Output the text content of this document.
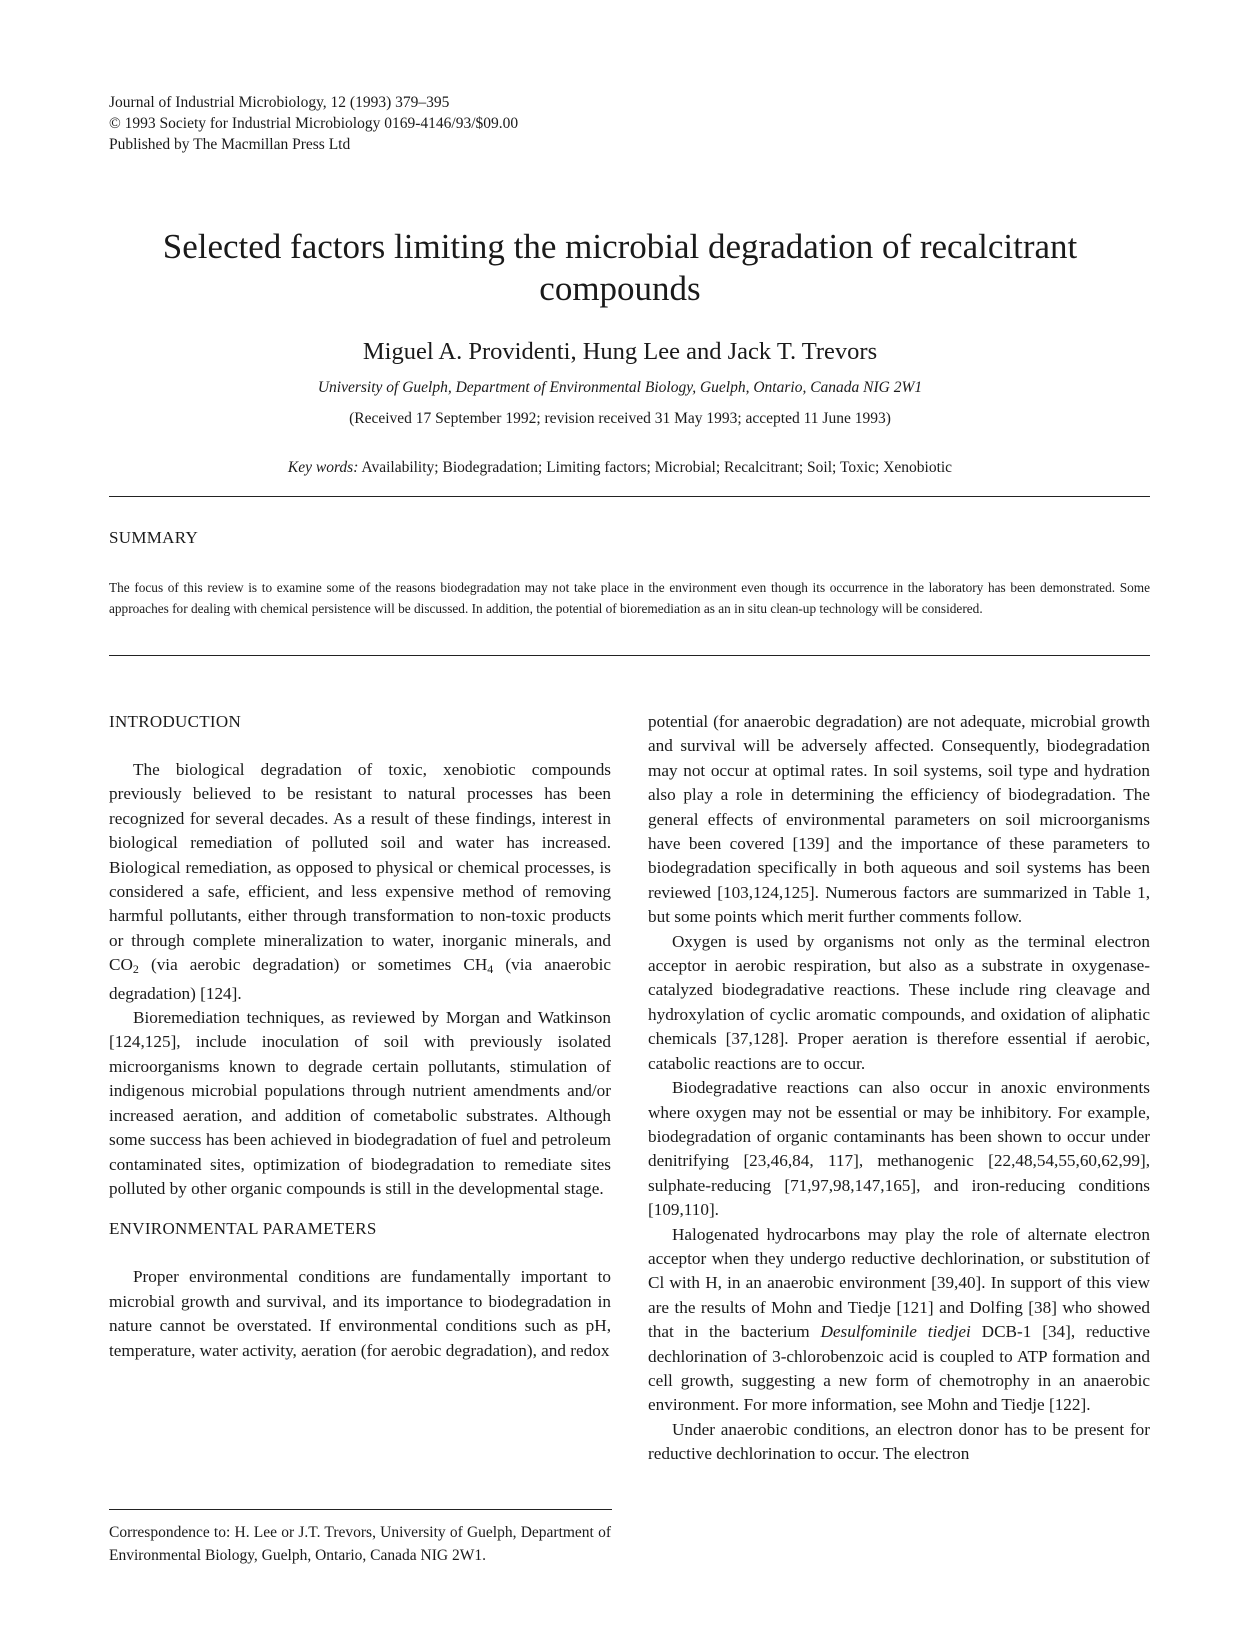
Journal of Industrial Microbiology, 12 (1993) 379–395
© 1993 Society for Industrial Microbiology 0169-4146/93/$09.00
Published by The Macmillan Press Ltd
Selected factors limiting the microbial degradation of recalcitrant compounds
Miguel A. Providenti, Hung Lee and Jack T. Trevors
University of Guelph, Department of Environmental Biology, Guelph, Ontario, Canada NIG 2W1
(Received 17 September 1992; revision received 31 May 1993; accepted 11 June 1993)
Key words: Availability; Biodegradation; Limiting factors; Microbial; Recalcitrant; Soil; Toxic; Xenobiotic
SUMMARY
The focus of this review is to examine some of the reasons biodegradation may not take place in the environment even though its occurrence in the laboratory has been demonstrated. Some approaches for dealing with chemical persistence will be discussed. In addition, the potential of bioremediation as an in situ clean-up technology will be considered.
INTRODUCTION

The biological degradation of toxic, xenobiotic compounds previously believed to be resistant to natural processes has been recognized for several decades. As a result of these findings, interest in biological remediation of polluted soil and water has increased. Biological remediation, as opposed to physical or chemical processes, is considered a safe, efficient, and less expensive method of removing harmful pollutants, either through transformation to non-toxic products or through complete mineralization to water, inorganic minerals, and $CO_2$ (via aerobic degradation) or sometimes $CH_4$ (via anaerobic degradation) [124].

Bioremediation techniques, as reviewed by Morgan and Watkinson [124,125], include inoculation of soil with previously isolated microorganisms known to degrade certain pollutants, stimulation of indigenous microbial populations through nutrient amendments and/or increased aeration, and addition of cometabolic substrates. Although some success has been achieved in biodegradation of fuel and petroleum contaminated sites, optimization of biodegradation to remediate sites polluted by other organic compounds is still in the developmental stage.

ENVIRONMENTAL PARAMETERS

Proper environmental conditions are fundamentally important to microbial growth and survival, and its importance to biodegradation in nature cannot be overstated. If environmental conditions such as pH, temperature, water activity, aeration (for aerobic degradation), and redox

potential (for anaerobic degradation) are not adequate, microbial growth and survival will be adversely affected. Consequently, biodegradation may not occur at optimal rates. In soil systems, soil type and hydration also play a role in determining the efficiency of biodegradation. The general effects of environmental parameters on soil microorganisms have been covered [139] and the importance of these parameters to biodegradation specifically in both aqueous and soil systems has been reviewed [103,124,125]. Numerous factors are summarized in Table 1, but some points which merit further comments follow.

Oxygen is used by organisms not only as the terminal electron acceptor in aerobic respiration, but also as a substrate in oxygenase-catalyzed biodegradative reactions. These include ring cleavage and hydroxylation of cyclic aromatic compounds, and oxidation of aliphatic chemicals [37,128]. Proper aeration is therefore essential if aerobic, catabolic reactions are to occur.

Biodegradative reactions can also occur in anoxic environments where oxygen may not be essential or may be inhibitory. For example, biodegradation of organic contaminants has been shown to occur under denitrifying [23,46,84, 117], methanogenic [22,48,54,55,60,62,99], sulphate-reducing [71,97,98,147,165], and iron-reducing conditions [109,110].

Halogenated hydrocarbons may play the role of alternate electron acceptor when they undergo reductive dechlorination, or substitution of Cl with H, in an anaerobic environment [39,40]. In support of this view are the results of Mohn and Tiedje [121] and Dolfing [38] who showed that in the bacterium Desulfominile tiedjei DCB-1 [34], reductive dechlorination of 3-chlorobenzoic acid is coupled to ATP formation and cell growth, suggesting a new form of chemotrophy in an anaerobic environment. For more information, see Mohn and Tiedje [122].

Under anaerobic conditions, an electron donor has to be present for reductive dechlorination to occur. The electron

Correspondence to: H. Lee or J.T. Trevors, University of Guelph, Department of Environmental Biology, Guelph, Ontario, Canada NIG 2W1.
